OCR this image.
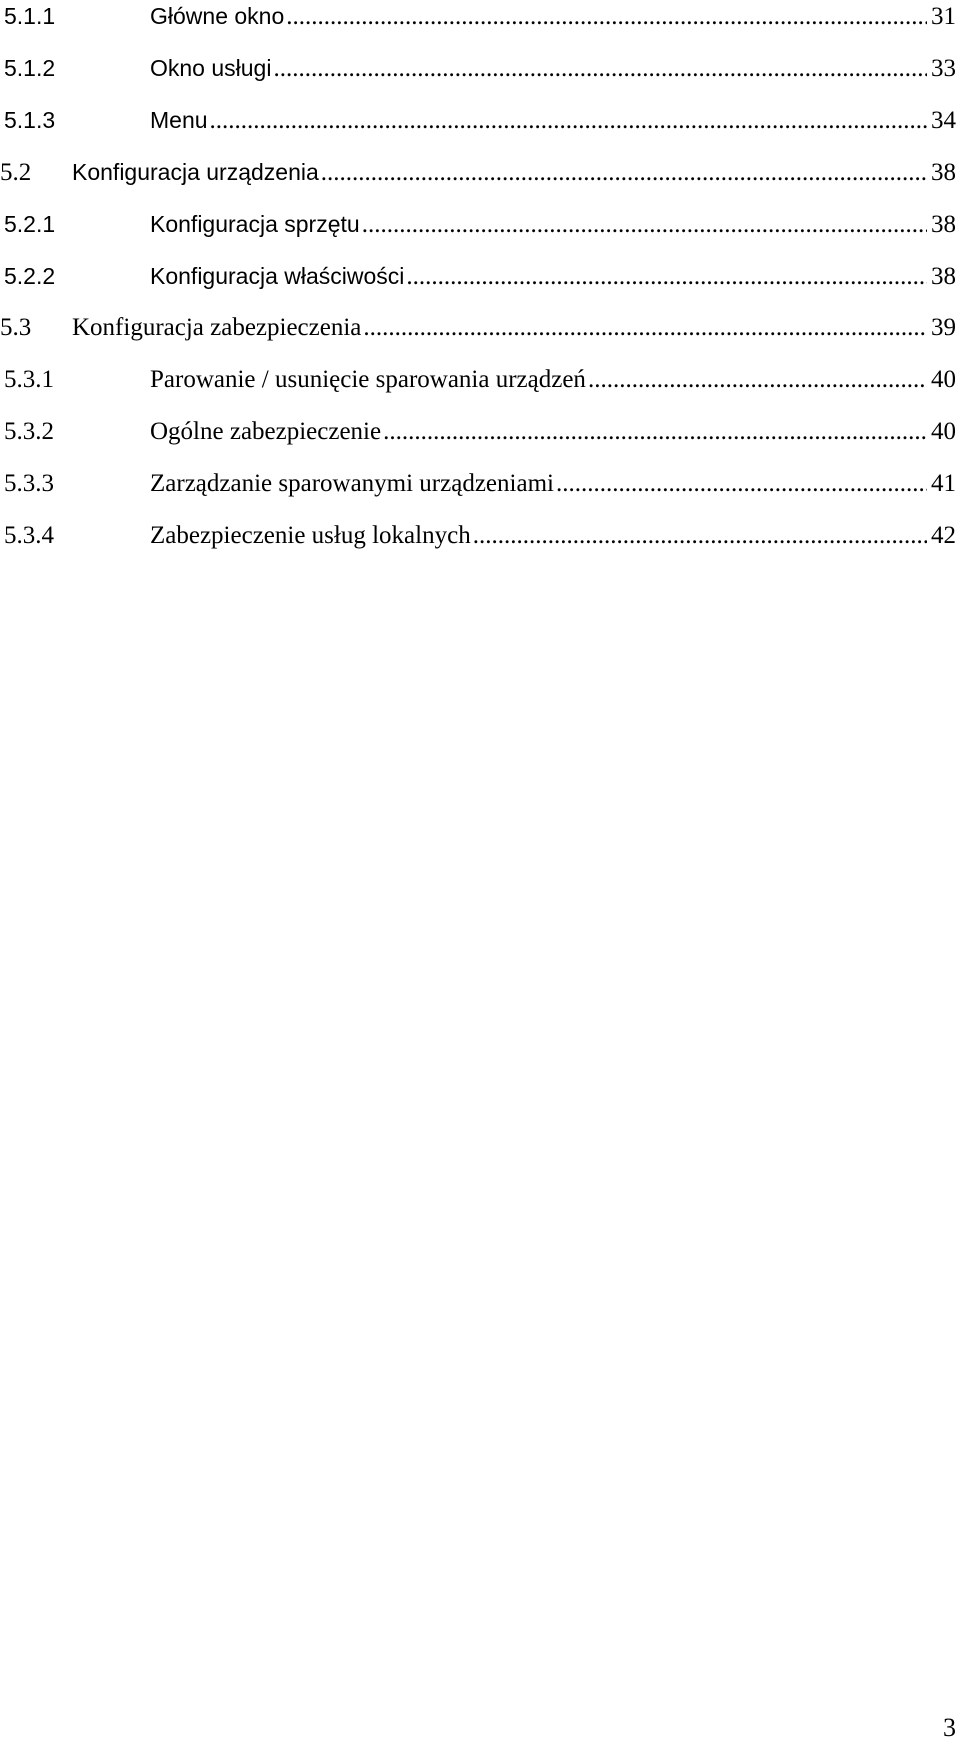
5.1.1	Główne okno .....	31
5.1.2	Okno usługi .....	33
5.1.3	Menu .....	34
5.2	Konfiguracja urządzenia .....	38
5.2.1	Konfiguracja sprzętu .....	38
5.2.2	Konfiguracja właściwości .....	38
5.3	Konfiguracja zabezpieczenia .....	39
5.3.1	Parowanie / usunięcie sparowania urządzeń .....	40
5.3.2	Ogólne zabezpieczenie .....	40
5.3.3	Zarządzanie sparowanymi urządzeniami .....	41
5.3.4	Zabezpieczenie usług lokalnych .....	42
3
